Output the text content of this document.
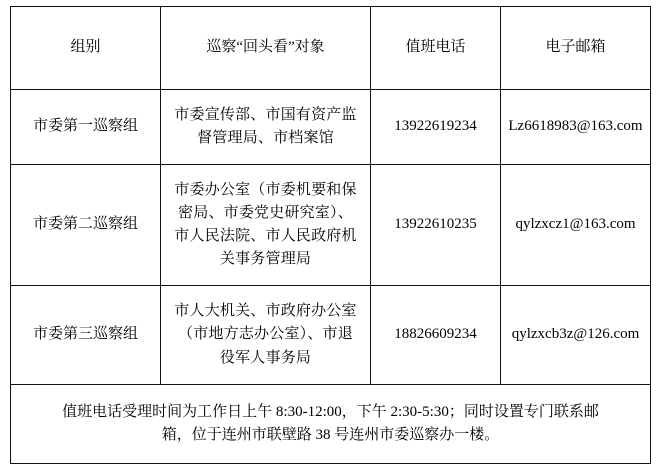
组别	巡察“回头看”对象	值班电话	电子邮箱
市委第一巡察组	市委宣传部、市国有资产监
督管理局、市档案馆	13922619234	Lz6618983@163.com
市委第二巡察组	市委办公室（市委机要和保
密局、市委党史研究室）、
市人民法院、市人民政府机
关事务管理局	13922610235	qylzxcz1@163.com
市委第三巡察组	市人大机关、市政府办公室
（市地方志办公室）、市退
役军人事务局	18826609234	qylzxcb3z@126.com

值班电话受理时间为工作日上午 8:30-12:00，下午 2:30-5:30；同时设置专门联系邮
箱，位于连州市联壁路 38 号连州市委巡察办一楼。			
